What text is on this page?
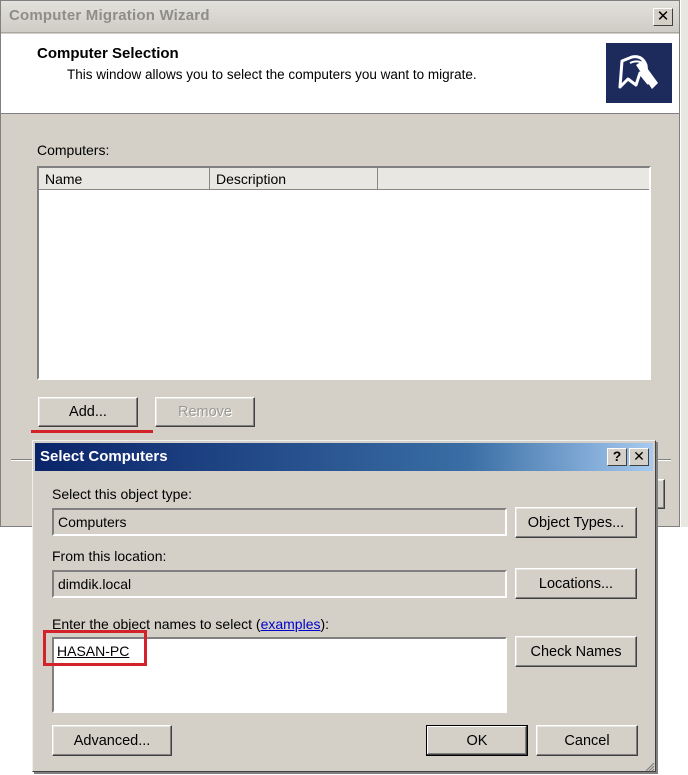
Computer Migration Wizard	✕
Computer Selection
This window allows you to select the computers you want to migrate.
Computers:
Name	Description
Add...	Remove
Select Computers	? ✕
Select this object type:
Computers	Object Types...
From this location:
dimdik.local	Locations...
Enter the object names to select (examples):
HASAN-PC	Check Names
Advanced...	OK	Cancel
